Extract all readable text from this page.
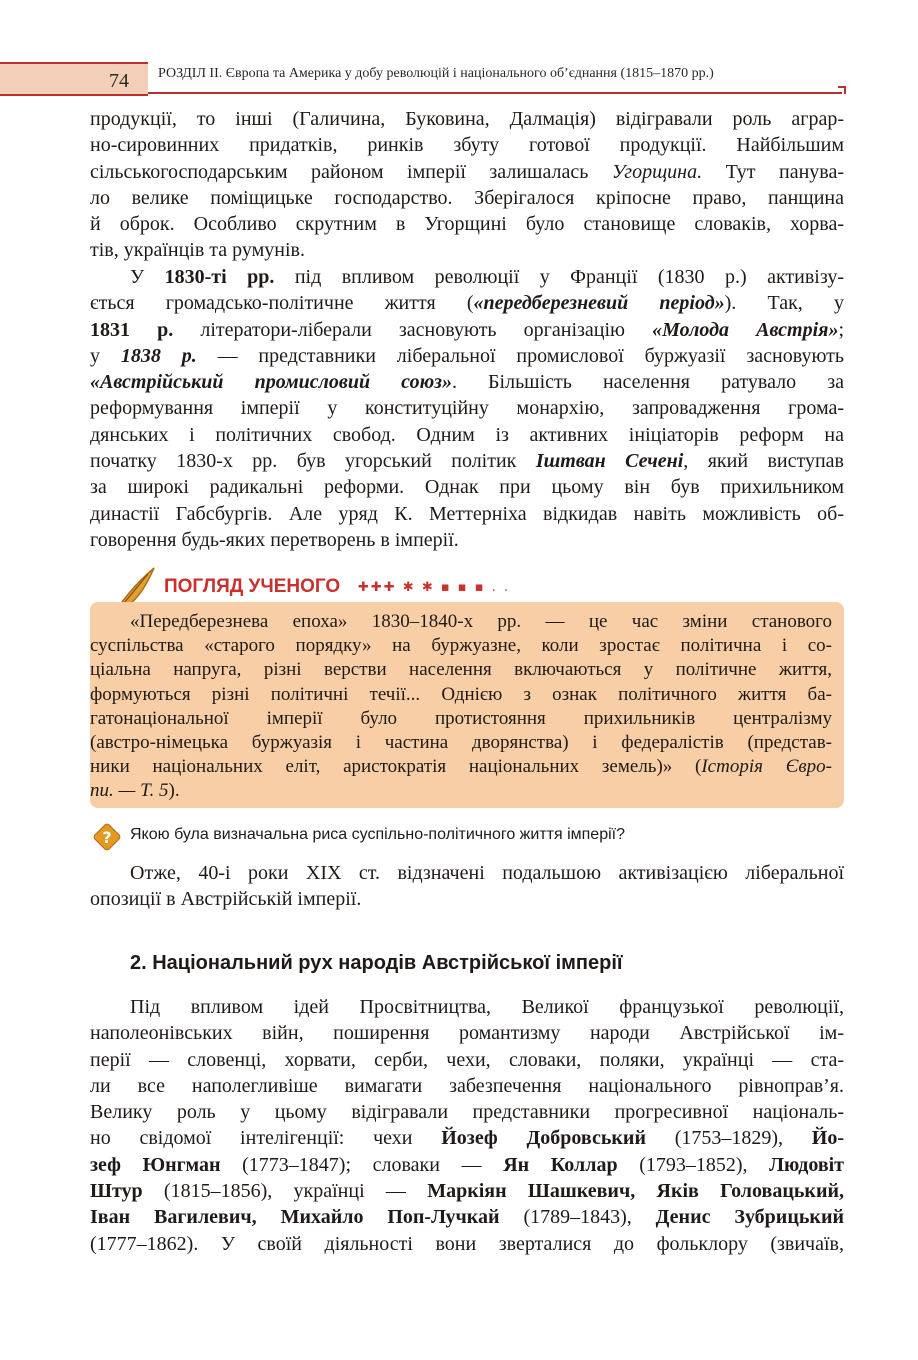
74	РОЗДІЛ ІІ. Європа та Америка у добу революцій і національного об’єднання (1815–1870 рр.)
продукції, то інші (Галичина, Буковина, Далмація) відігравали роль аграр-
но-сировинних придатків, ринків збуту готової продукції. Найбільшим
сільськогосподарським районом імперії залишалась Угорщина. Тут панува-
ло велике поміщицьке господарство. Зберігалося кріпосне право, панщина
й оброк. Особливо скрутним в Угорщині було становище словаків, хорва-
тів, українців та румунів.
У 1830-ті рр. під впливом революції у Франції (1830 р.) активізу-
ється громадсько-політичне життя («передберезневий період»). Так, у
1831 р. літератори-ліберали засновують організацію «Молода Австрія»;
у 1838 р. — представники ліберальної промислової буржуазії засновують
«Австрійський промисловий союз». Більшість населення ратувало за
реформування імперії у конституційну монархію, запровадження грома-
дянських і політичних свобод. Одним із активних ініціаторів реформ на
початку 1830-х рр. був угорський політик Іштван Сечені, який виступав
за широкі радикальні реформи. Однак при цьому він був прихильником
династії Габсбургів. Але уряд К. Меттерніха відкидав навіть можливість об-
говорення будь-яких перетворень в імперії.
ПОГЛЯД УЧЕНОГО ✚✚✚ ✱ ✱ ▪ ▪ ▪ . .
«Передберезнева епоха» 1830–1840-х рр. — це час зміни станового
суспільства «старого порядку» на буржуазне, коли зростає політична і со-
ціальна напруга, різні верстви населення включаються у політичне життя,
формуються різні політичні течії... Однією з ознак політичного життя ба-
гатонаціональної імперії було протистояння прихильників централізму
(австро-німецька буржуазія і частина дворянства) і федералістів (представ-
ники національних еліт, аристократія національних земель)» (Історія Євро-
пи. — Т. 5).
? Якою була визначальна риса суспільно-політичного життя імперії?
Отже, 40-і роки XIX ст. відзначені подальшою активізацією ліберальної
опозиції в Австрійській імперії.
2. Національний рух народів Австрійської імперії
Під впливом ідей Просвітництва, Великої французької революції,
наполеонівських війн, поширення романтизму народи Австрійської ім-
перії — словенці, хорвати, серби, чехи, словаки, поляки, українці — ста-
ли все наполегливіше вимагати забезпечення національного рівноправ’я.
Велику роль у цьому відігравали представники прогресивної національ-
но свідомої інтелігенції: чехи Йозеф Добровський (1753–1829), Йо-
зеф Юнгман (1773–1847); словаки — Ян Коллар (1793–1852), Людовіт
Штур (1815–1856), українці — Маркіян Шашкевич, Яків Головацький,
Іван Вагилевич, Михайло Поп-Лучкай (1789–1843), Денис Зубрицький
(1777–1862). У своїй діяльності вони зверталися до фольклору (звичаїв,
